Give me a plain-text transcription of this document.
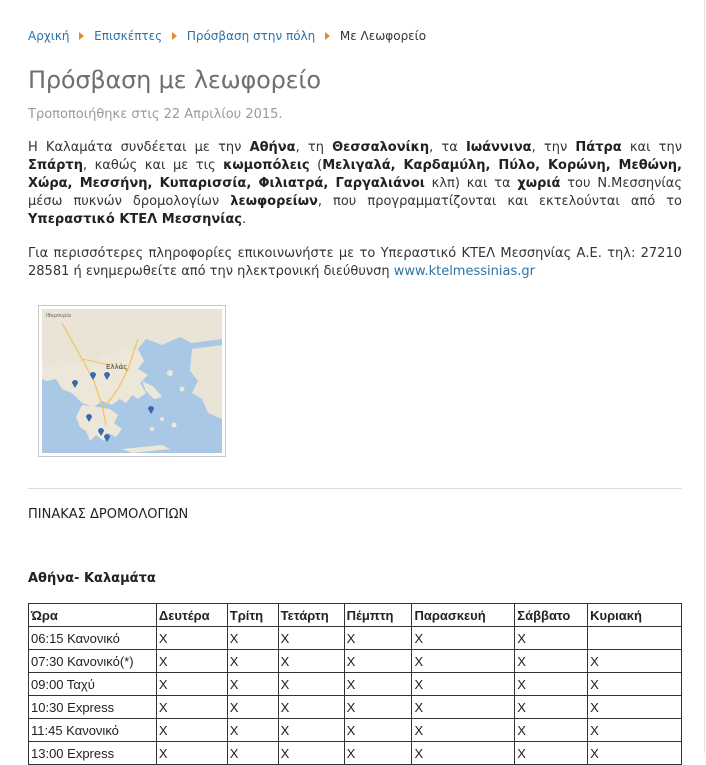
Αρχική Επισκέπτες Πρόσβαση στην πόλη Με Λεωφορείο
Πρόσβαση με λεωφορείο
Τροποποιήθηκε στις 22 Απριλίου 2015.
Η Καλαμάτα συνδέεται με την Αθήνα, τη Θεσσαλονίκη, τα Ιωάννινα, την Πάτρα και την Σπάρτη, καθώς και με τις κωμοπόλεις (Μελιγαλά, Καρδαμύλη, Πύλο, Κορώνη, Μεθώνη, Χώρα, Μεσσήνη, Κυπαρισσία, Φιλιατρά, Γαργαλιάνοι κλπ) και τα χωριά του Ν.Μεσσηνίας μέσω πυκνών δρομολογίων λεωφορείων, που προγραμματίζονται και εκτελούνται από το Υπεραστικό ΚΤΕΛ Μεσσηνίας.
Για περισσότερες πληροφορίες επικοινωνήστε με το Υπεραστικό ΚΤΕΛ Μεσσηνίας Α.Ε. τηλ: 27210 28581 ή ενημερωθείτε από την ηλεκτρονική διεύθυνση www.ktelmessinias.gr
Ελλάς
Ιθαρσυρία
ΠΙΝΑΚΑΣ ΔΡΟΜΟΛΟΓΙΩΝ
Αθήνα- Καλαμάτα
Ώρα	Δευτέρα	Τρίτη	Τετάρτη	Πέμπτη	Παρασκευή	Σάββατο	Κυριακή
06:15 Κανονικό	X	X	X	X	X	X	
07:30 Κανονικό(*)	X	X	X	X	X	X	X
09:00 Ταχύ	X	X	X	X	X	X	X
10:30 Express	X	X	X	X	X	X	X
11:45 Κανονικό	X	X	X	X	X	X	X
13:00 Express	X	X	X	X	X	X	X
